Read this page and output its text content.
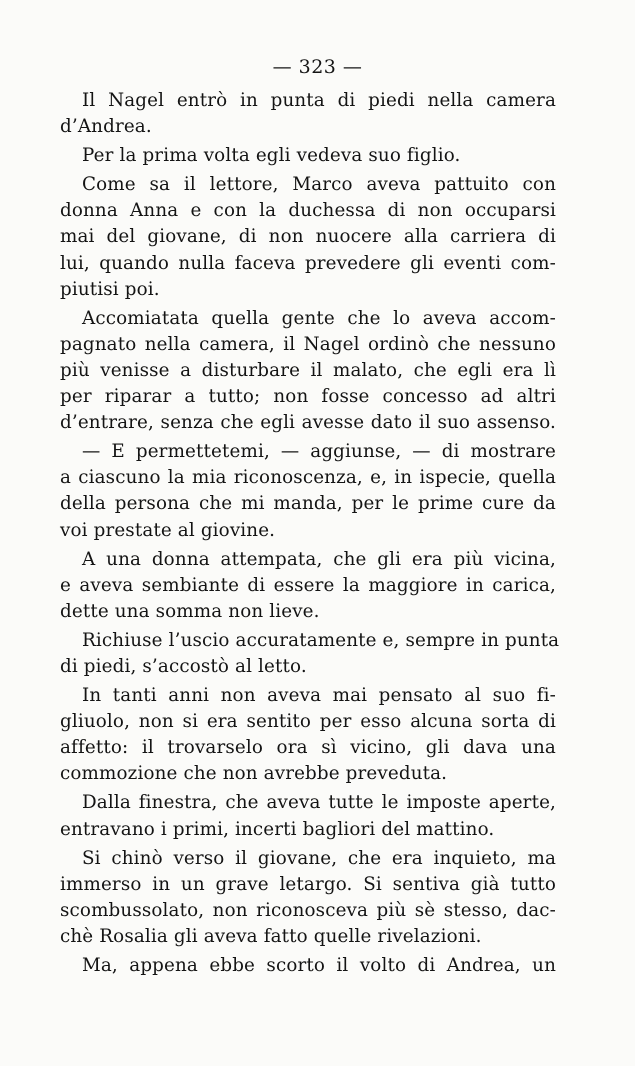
— 323 —
Il Nagel entrò in punta di piedi nella camera
d’Andrea.
Per la prima volta egli vedeva suo figlio.
Come sa il lettore, Marco aveva pattuito con
donna Anna e con la duchessa di non occuparsi
mai del giovane, di non nuocere alla carriera di
lui, quando nulla faceva prevedere gli eventi com-
piutisi poi.
Accomiatata quella gente che lo aveva accom-
pagnato nella camera, il Nagel ordinò che nessuno
più venisse a disturbare il malato, che egli era lì
per riparar a tutto; non fosse concesso ad altri
d’entrare, senza che egli avesse dato il suo assenso.
— E permettetemi, — aggiunse, — di mostrare
a ciascuno la mia riconoscenza, e, in ispecie, quella
della persona che mi manda, per le prime cure da
voi prestate al giovine.
A una donna attempata, che gli era più vicina,
e aveva sembiante di essere la maggiore in carica,
dette una somma non lieve.
Richiuse l’uscio accuratamente e, sempre in punta
di piedi, s’accostò al letto.
In tanti anni non aveva mai pensato al suo fi-
gliuolo, non si era sentito per esso alcuna sorta di
affetto: il trovarselo ora sì vicino, gli dava una
commozione che non avrebbe preveduta.
Dalla finestra, che aveva tutte le imposte aperte,
entravano i primi, incerti bagliori del mattino.
Si chinò verso il giovane, che era inquieto, ma
immerso in un grave letargo. Si sentiva già tutto
scombussolato, non riconosceva più sè stesso, dac-
chè Rosalia gli aveva fatto quelle rivelazioni.
Ma, appena ebbe scorto il volto di Andrea, un
